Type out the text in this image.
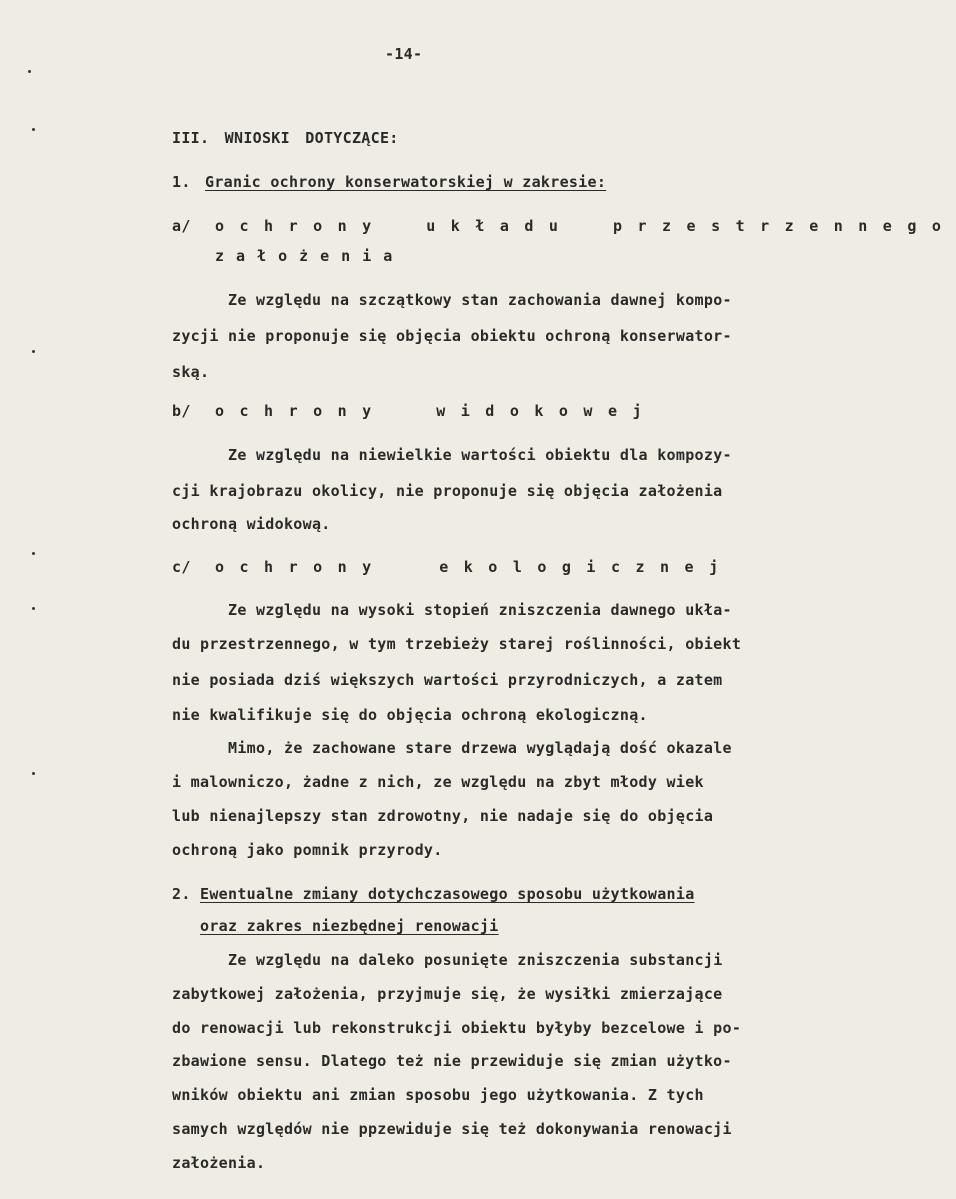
-14-
III. WNIOSKI DOTYCZĄCE:
1. Granic ochrony konserwatorskiej w zakresie:
a/ ochrony układu przestrzennego
założenia
Ze względu na szczątkowy stan zachowania dawnej kompo-
zycji nie proponuje się objęcia obiektu ochroną konserwator-
ską.
b/ ochrony widokowej
Ze względu na niewielkie wartości obiektu dla kompozy-
cji krajobrazu okolicy, nie proponuje się objęcia założenia
ochroną widokową.
c/ ochrony ekologicznej
Ze względu na wysoki stopień zniszczenia dawnego ukła-
du przestrzennego, w tym trzebieży starej roślinności, obiekt
nie posiada dziś większych wartości przyrodniczych, a zatem
nie kwalifikuje się do objęcia ochroną ekologiczną.
Mimo, że zachowane stare drzewa wyglądają dość okazale
i malowniczo, żadne z nich, ze względu na zbyt młody wiek
lub nienajlepszy stan zdrowotny, nie nadaje się do objęcia
ochroną jako pomnik przyrody.
2. Ewentualne zmiany dotychczasowego sposobu użytkowania
oraz zakres niezbędnej renowacji
Ze względu na daleko posunięte zniszczenia substancji
zabytkowej założenia, przyjmuje się, że wysiłki zmierzające
do renowacji lub rekonstrukcji obiektu byłyby bezcelowe i po-
zbawione sensu. Dlatego też nie przewiduje się zmian użytko-
wników obiektu ani zmian sposobu jego użytkowania. Z tych
samych względów nie ppzewiduje się też dokonywania renowacji
założenia.
